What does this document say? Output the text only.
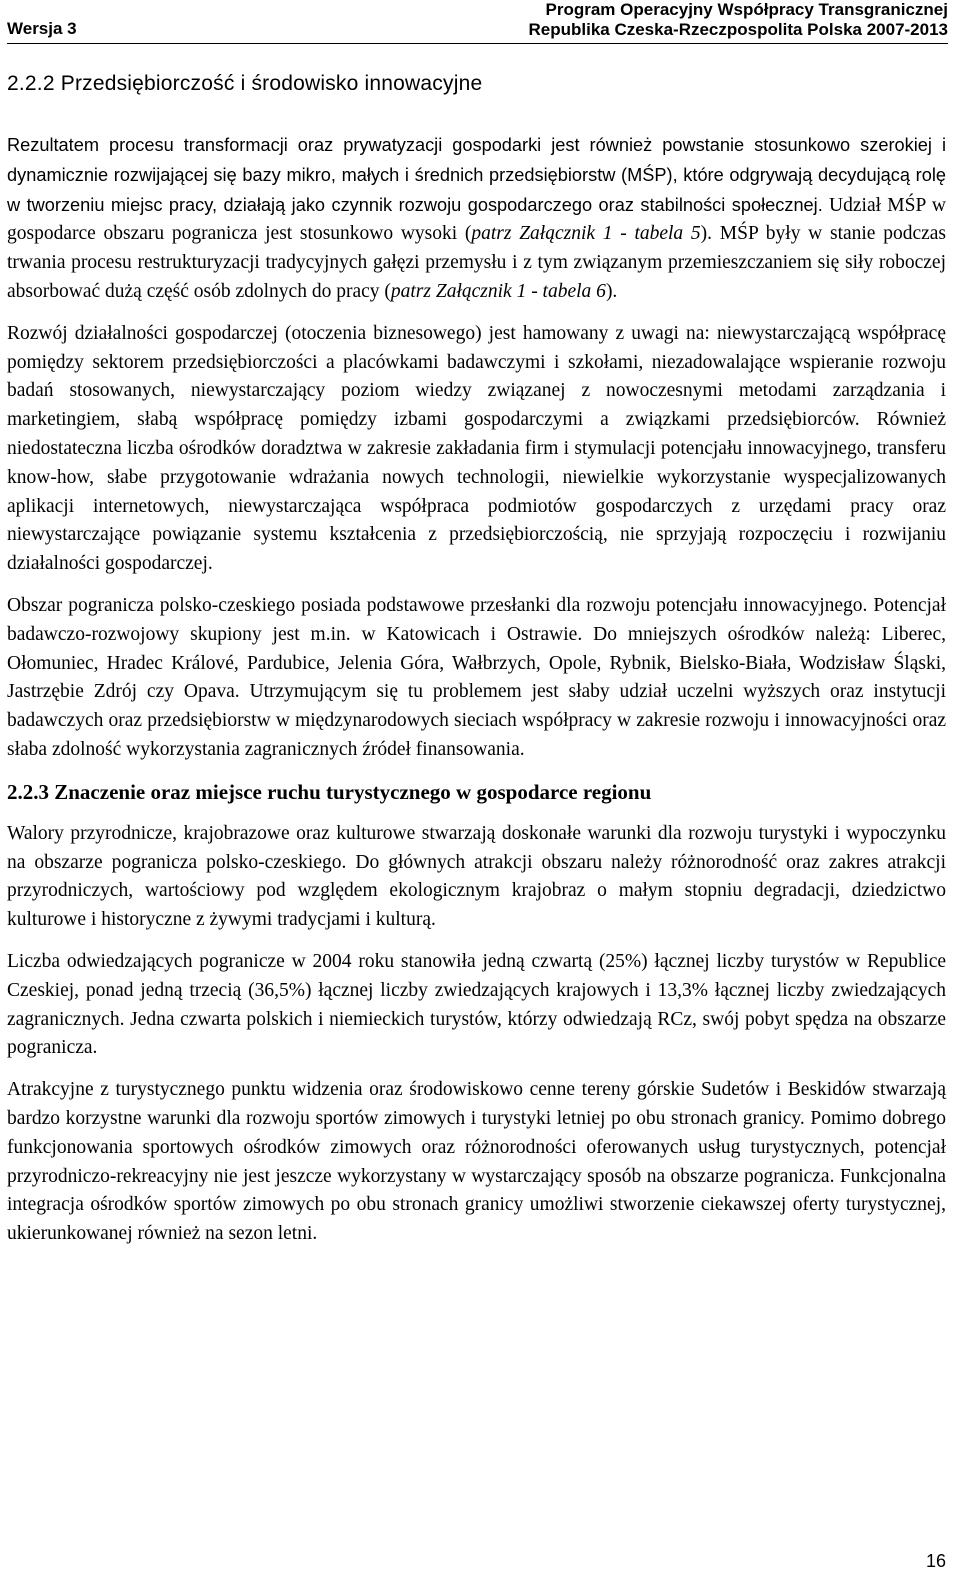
Wersja 3
Program Operacyjny Współpracy Transgranicznej
Republika Czeska-Rzeczpospolita Polska 2007-2013
2.2.2 Przedsiębiorczość i środowisko innowacyjne

Rezultatem procesu transformacji oraz prywatyzacji gospodarki jest również powstanie stosunkowo szerokiej i dynamicznie rozwijającej się bazy mikro, małych i średnich przedsiębiorstw (MŚP), które odgrywają decydującą rolę w tworzeniu miejsc pracy, działają jako czynnik rozwoju gospodarczego oraz stabilności społecznej. Udział MŚP w gospodarce obszaru pogranicza jest stosunkowo wysoki (patrz Załącznik 1 - tabela 5). MŚP były w stanie podczas trwania procesu restrukturyzacji tradycyjnych gałęzi przemysłu i z tym związanym przemieszczaniem się siły roboczej absorbować dużą część osób zdolnych do pracy (patrz Załącznik 1 - tabela 6).

Rozwój działalności gospodarczej (otoczenia biznesowego) jest hamowany z uwagi na: niewystarczającą współpracę pomiędzy sektorem przedsiębiorczości a placówkami badawczymi i szkołami, niezadowalające wspieranie rozwoju badań stosowanych, niewystarczający poziom wiedzy związanej z nowoczesnymi metodami zarządzania i marketingiem, słabą współpracę pomiędzy izbami gospodarczymi a związkami przedsiębiorców. Również niedostateczna liczba ośrodków doradztwa w zakresie zakładania firm i stymulacji potencjału innowacyjnego, transferu know-how, słabe przygotowanie wdrażania nowych technologii, niewielkie wykorzystanie wyspecjalizowanych aplikacji internetowych, niewystarczająca współpraca podmiotów gospodarczych z urzędami pracy oraz niewystarczające powiązanie systemu kształcenia z przedsiębiorczością, nie sprzyjają rozpoczęciu i rozwijaniu działalności gospodarczej.

Obszar pogranicza polsko-czeskiego posiada podstawowe przesłanki dla rozwoju potencjału innowacyjnego. Potencjał badawczo-rozwojowy skupiony jest m.in. w Katowicach i Ostrawie. Do mniejszych ośrodków należą: Liberec, Ołomuniec, Hradec Králové, Pardubice, Jelenia Góra, Wałbrzych, Opole, Rybnik, Bielsko-Biała, Wodzisław Śląski, Jastrzębie Zdrój czy Opava. Utrzymującym się tu problemem jest słaby udział uczelni wyższych oraz instytucji badawczych oraz przedsiębiorstw w międzynarodowych sieciach współpracy w zakresie rozwoju i innowacyjności oraz słaba zdolność wykorzystania zagranicznych źródeł finansowania.

2.2.3 Znaczenie oraz miejsce ruchu turystycznego w gospodarce regionu

Walory przyrodnicze, krajobrazowe oraz kulturowe stwarzają doskonałe warunki dla rozwoju turystyki i wypoczynku na obszarze pogranicza polsko-czeskiego. Do głównych atrakcji obszaru należy różnorodność oraz zakres atrakcji przyrodniczych, wartościowy pod względem ekologicznym krajobraz o małym stopniu degradacji, dziedzictwo kulturowe i historyczne z żywymi tradycjami i kulturą.

Liczba odwiedzających pogranicze w 2004 roku stanowiła jedną czwartą (25%) łącznej liczby turystów w Republice Czeskiej, ponad jedną trzecią (36,5%) łącznej liczby zwiedzających krajowych i 13,3% łącznej liczby zwiedzających zagranicznych. Jedna czwarta polskich i niemieckich turystów, którzy odwiedzają RCz, swój pobyt spędza na obszarze pogranicza.

Atrakcyjne z turystycznego punktu widzenia oraz środowiskowo cenne tereny górskie Sudetów i Beskidów stwarzają bardzo korzystne warunki dla rozwoju sportów zimowych i turystyki letniej po obu stronach granicy. Pomimo dobrego funkcjonowania sportowych ośrodków zimowych oraz różnorodności oferowanych usług turystycznych, potencjał przyrodniczo-rekreacyjny nie jest jeszcze wykorzystany w wystarczający sposób na obszarze pogranicza. Funkcjonalna integracja ośrodków sportów zimowych po obu stronach granicy umożliwi stworzenie ciekawszej oferty turystycznej, ukierunkowanej również na sezon letni.

16
